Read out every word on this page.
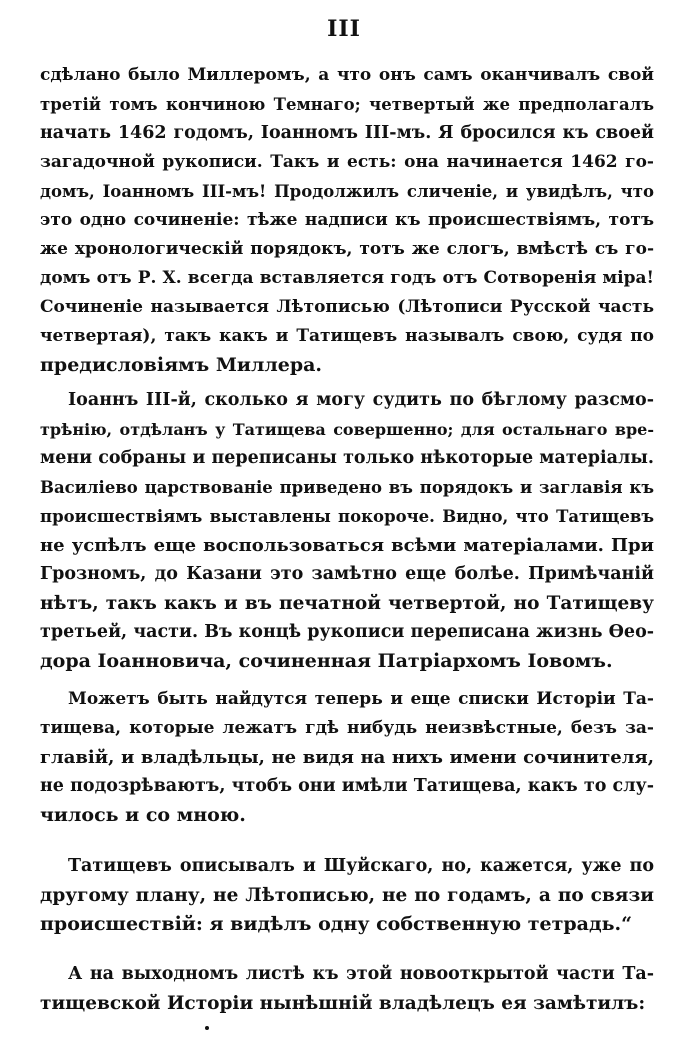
III
сдѣлано было Миллеромъ, а что онъ самъ оканчивалъ свой
третій томъ кончиною Темнаго; четвертый же предполагалъ
начать 1462 годомъ, Іоанномъ ІІІ-мъ. Я бросился къ своей
загадочной рукописи. Такъ и есть: она начинается 1462 го-
домъ, Іоанномъ ІІІ-мъ! Продолжилъ сличеніе, и увидѣлъ, что
это одно сочиненіе: тѣже надписи къ происшествіямъ, тотъ
же хронологическій порядокъ, тотъ же слогъ, вмѣстѣ съ го-
домъ отъ Р. Х. всегда вставляется годъ отъ Сотворенія міра!
Сочиненіе называется Лѣтописью (Лѣтописи Русской часть
четвертая), такъ какъ и Татищевъ называлъ свою, судя по
предисловіямъ Миллера.
Іоаннъ ІІІ-й, сколько я могу судить по бѣглому разсмо-
трѣнію, отдѣланъ у Татищева совершенно; для остальнаго вре-
мени собраны и переписаны только нѣкоторые матеріалы.
Василіево царствованіе приведено въ порядокъ и заглавія къ
происшествіямъ выставлены покороче. Видно, что Татищевъ
не успѣлъ еще воспользоваться всѣми матеріалами. При
Грозномъ, до Казани это замѣтно еще болѣе. Примѣчаній
нѣтъ, такъ какъ и въ печатной четвертой, но Татищеву
третьей, части. Въ концѣ рукописи переписана жизнь Ѳео-
дора Іоанновича, сочиненная Патріархомъ Іовомъ.
Можетъ быть найдутся теперь и еще списки Исторіи Та-
тищева, которые лежатъ гдѣ нибудь неизвѣстные, безъ за-
главій, и владѣльцы, не видя на нихъ имени сочинителя,
не подозрѣваютъ, чтобъ они имѣли Татищева, какъ то слу-
чилось и со мною.
Татищевъ описывалъ и Шуйскаго, но, кажется, уже по
другому плану, не Лѣтописью, не по годамъ, а по связи
происшествій: я видѣлъ одну собственную тетрадь.“
А на выходномъ листѣ къ этой новооткрытой части Та-
тищевской Исторіи нынѣшній владѣлецъ ея замѣтилъ:
